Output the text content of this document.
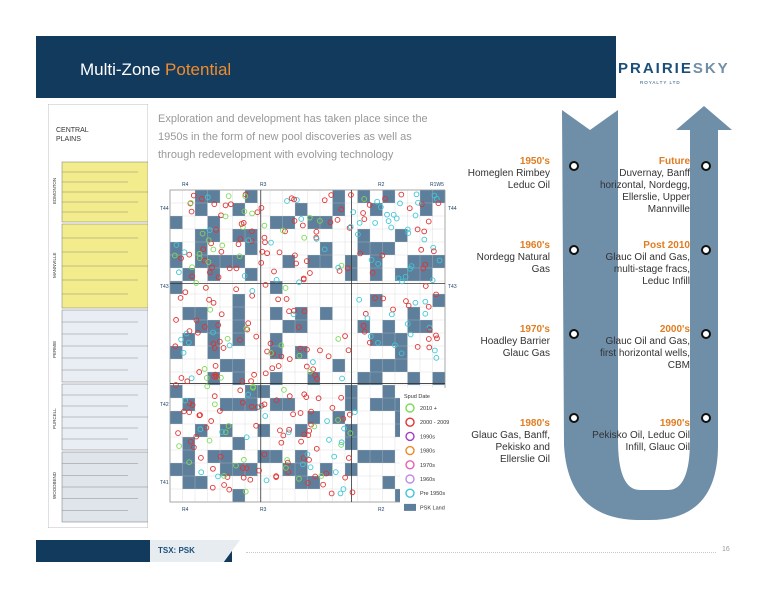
Multi-Zone Potential	PRAIRIESKY
ROYALTY LTD
Exploration and development has taken place since the 1950s in the form of new pool discoveries as well as through redevelopment with evolving technology
CENTRAL
PLAINS
EDMONTON
MANNVILLE
PERMIE
PURCELL
WOODBEND
R4	R3	R2	R1W5
R4	R3	R2
T44
T43
T42
T41
T44
T43
Spud Date
2010 +
2000 - 2009
1990s
1980s
1970s
1960s
Pre 1950s
PSK Land
1950's
Homeglen Rimbey
Leduc Oil
1960's
Nordegg Natural
Gas
1970's
Hoadley Barrier
Glauc Gas
1980's
Glauc Gas, Banff,
Pekisko and
Ellerslie Oil
Future
Duvernay, Banff
horizontal, Nordegg,
Ellerslie, Upper
Mannville
Post 2010
Glauc Oil and Gas,
multi-stage fracs,
Leduc Infill
2000's
Glauc Oil and Gas,
first horizontal wells,
CBM
1990's
Pekisko Oil, Leduc Oil
Infill, Glauc Oil
TSX: PSK	16
